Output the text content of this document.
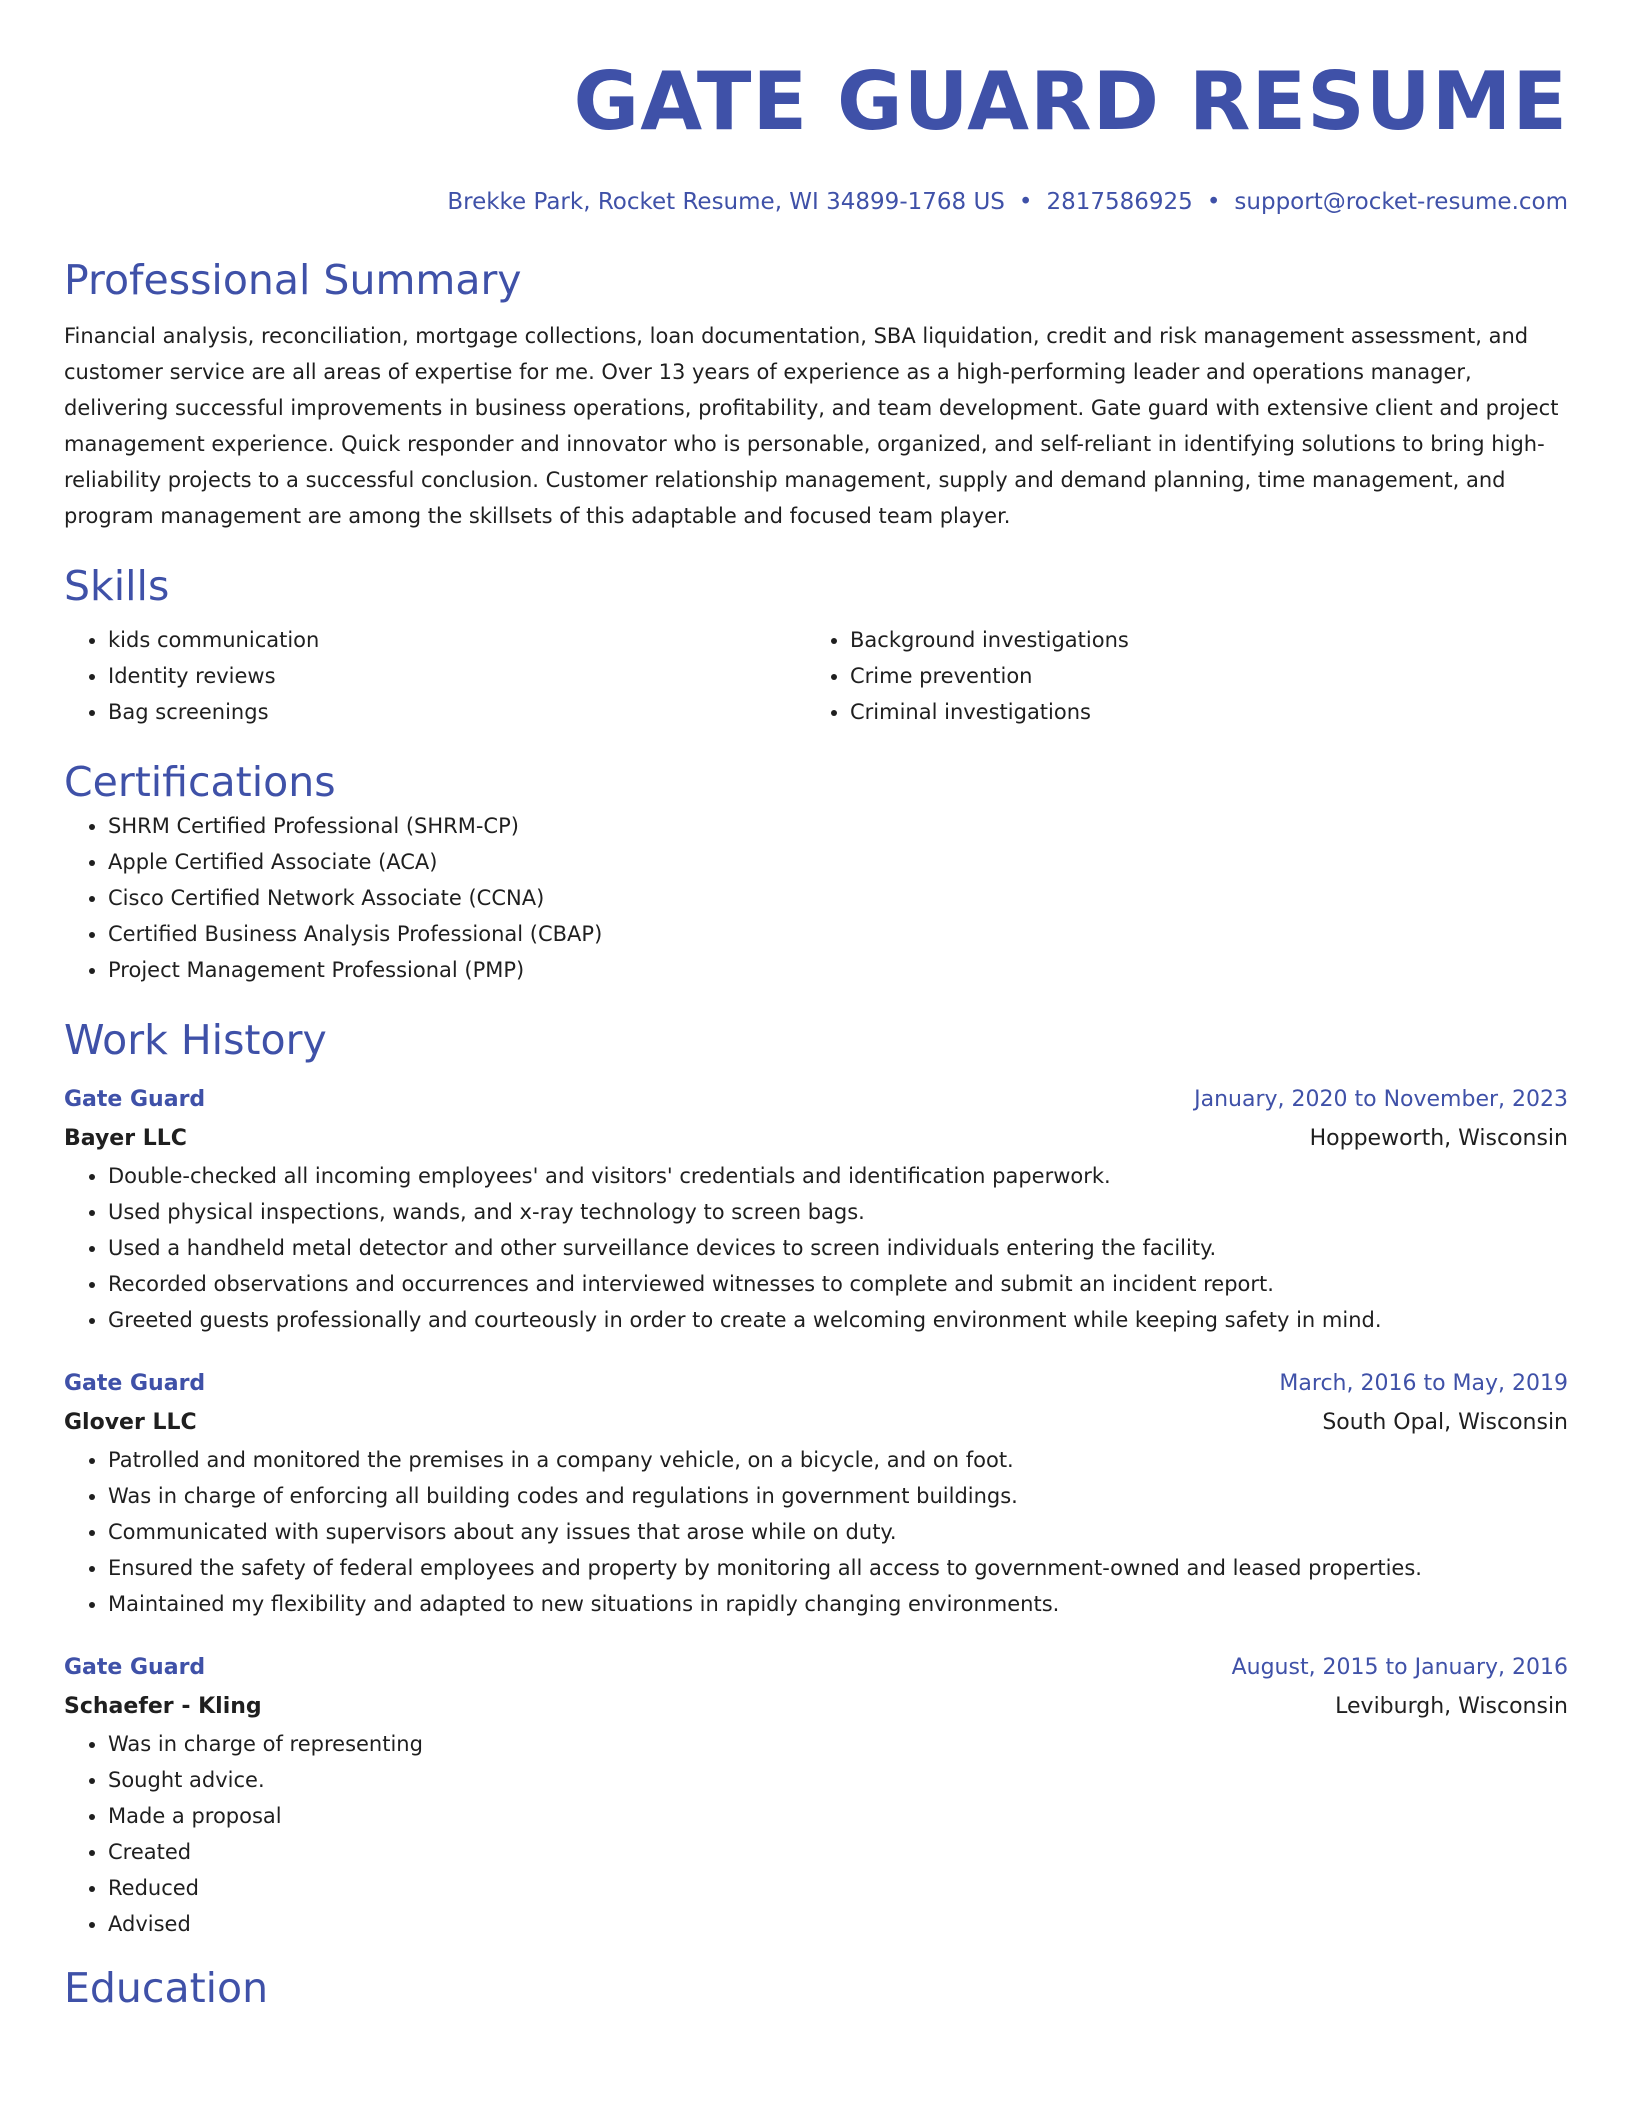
GATE GUARD RESUME
Brekke Park, Rocket Resume, WI 34899-1768 US • 2817586925 • support@rocket-resume.com
Professional Summary
Financial analysis, reconciliation, mortgage collections, loan documentation, SBA liquidation, credit and risk management assessment, and customer service are all areas of expertise for me. Over 13 years of experience as a high-performing leader and operations manager, delivering successful improvements in business operations, profitability, and team development. Gate guard with extensive client and project management experience. Quick responder and innovator who is personable, organized, and self-reliant in identifying solutions to bring high-reliability projects to a successful conclusion. Customer relationship management, supply and demand planning, time management, and program management are among the skillsets of this adaptable and focused team player.
Skills
• kids communication
• Identity reviews
• Bag screenings
• Background investigations
• Crime prevention
• Criminal investigations
Certifications
• SHRM Certified Professional (SHRM-CP)
• Apple Certified Associate (ACA)
• Cisco Certified Network Associate (CCNA)
• Certified Business Analysis Professional (CBAP)
• Project Management Professional (PMP)
Work History
Gate Guard	January, 2020 to November, 2023
Bayer LLC	Hoppeworth, Wisconsin
• Double-checked all incoming employees' and visitors' credentials and identification paperwork.
• Used physical inspections, wands, and x-ray technology to screen bags.
• Used a handheld metal detector and other surveillance devices to screen individuals entering the facility.
• Recorded observations and occurrences and interviewed witnesses to complete and submit an incident report.
• Greeted guests professionally and courteously in order to create a welcoming environment while keeping safety in mind.
Gate Guard	March, 2016 to May, 2019
Glover LLC	South Opal, Wisconsin
• Patrolled and monitored the premises in a company vehicle, on a bicycle, and on foot.
• Was in charge of enforcing all building codes and regulations in government buildings.
• Communicated with supervisors about any issues that arose while on duty.
• Ensured the safety of federal employees and property by monitoring all access to government-owned and leased properties.
• Maintained my flexibility and adapted to new situations in rapidly changing environments.
Gate Guard	August, 2015 to January, 2016
Schaefer - Kling	Leviburgh, Wisconsin
• Was in charge of representing
• Sought advice.
• Made a proposal
• Created
• Reduced
• Advised
Education
